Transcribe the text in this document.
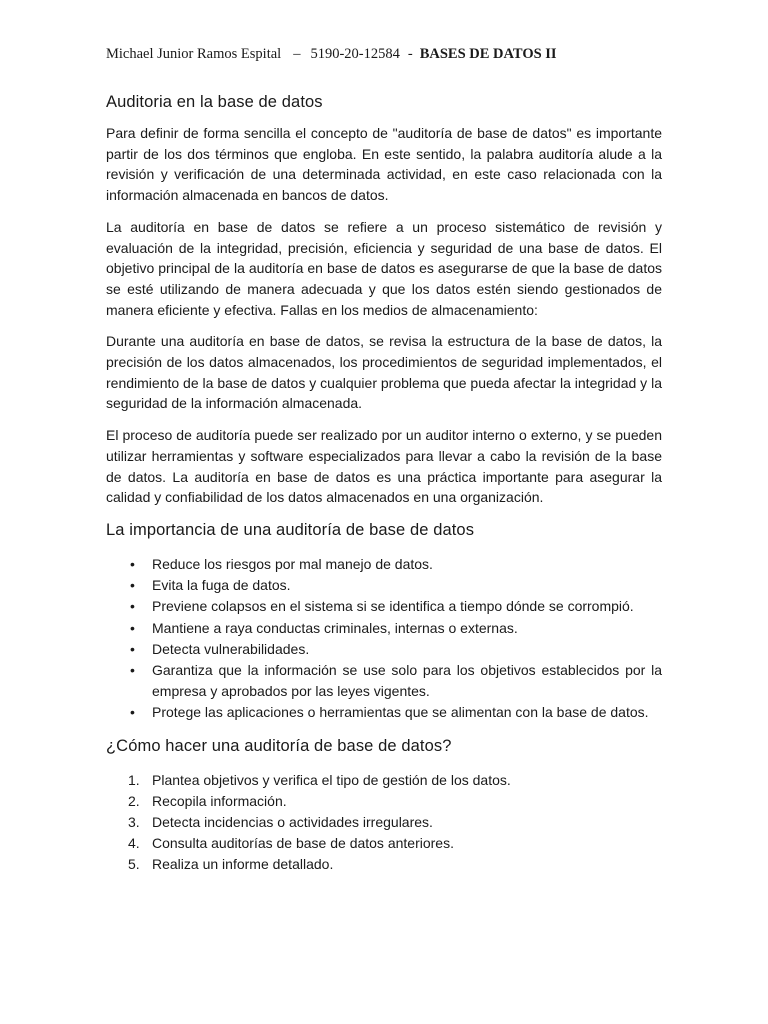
Michael Junior Ramos Espital – 5190-20-12584 - BASES DE DATOS II
Auditoria en la base de datos

Para definir de forma sencilla el concepto de "auditoría de base de datos" es importante partir de los dos términos que engloba. En este sentido, la palabra auditoría alude a la revisión y verificación de una determinada actividad, en este caso relacionada con la información almacenada en bancos de datos.

La auditoría en base de datos se refiere a un proceso sistemático de revisión y evaluación de la integridad, precisión, eficiencia y seguridad de una base de datos. El objetivo principal de la auditoría en base de datos es asegurarse de que la base de datos se esté utilizando de manera adecuada y que los datos estén siendo gestionados de manera eficiente y efectiva. Fallas en los medios de almacenamiento:

Durante una auditoría en base de datos, se revisa la estructura de la base de datos, la precisión de los datos almacenados, los procedimientos de seguridad implementados, el rendimiento de la base de datos y cualquier problema que pueda afectar la integridad y la seguridad de la información almacenada.

El proceso de auditoría puede ser realizado por un auditor interno o externo, y se pueden utilizar herramientas y software especializados para llevar a cabo la revisión de la base de datos. La auditoría en base de datos es una práctica importante para asegurar la calidad y confiabilidad de los datos almacenados en una organización.

La importancia de una auditoría de base de datos
• Reduce los riesgos por mal manejo de datos.
• Evita la fuga de datos.
• Previene colapsos en el sistema si se identifica a tiempo dónde se corrompió.
• Mantiene a raya conductas criminales, internas o externas.
• Detecta vulnerabilidades.
• Garantiza que la información se use solo para los objetivos establecidos por la empresa y aprobados por las leyes vigentes.
• Protege las aplicaciones o herramientas que se alimentan con la base de datos.
¿Cómo hacer una auditoría de base de datos?
1. Plantea objetivos y verifica el tipo de gestión de los datos.
2. Recopila información.
3. Detecta incidencias o actividades irregulares.
4. Consulta auditorías de base de datos anteriores.
5. Realiza un informe detallado.
